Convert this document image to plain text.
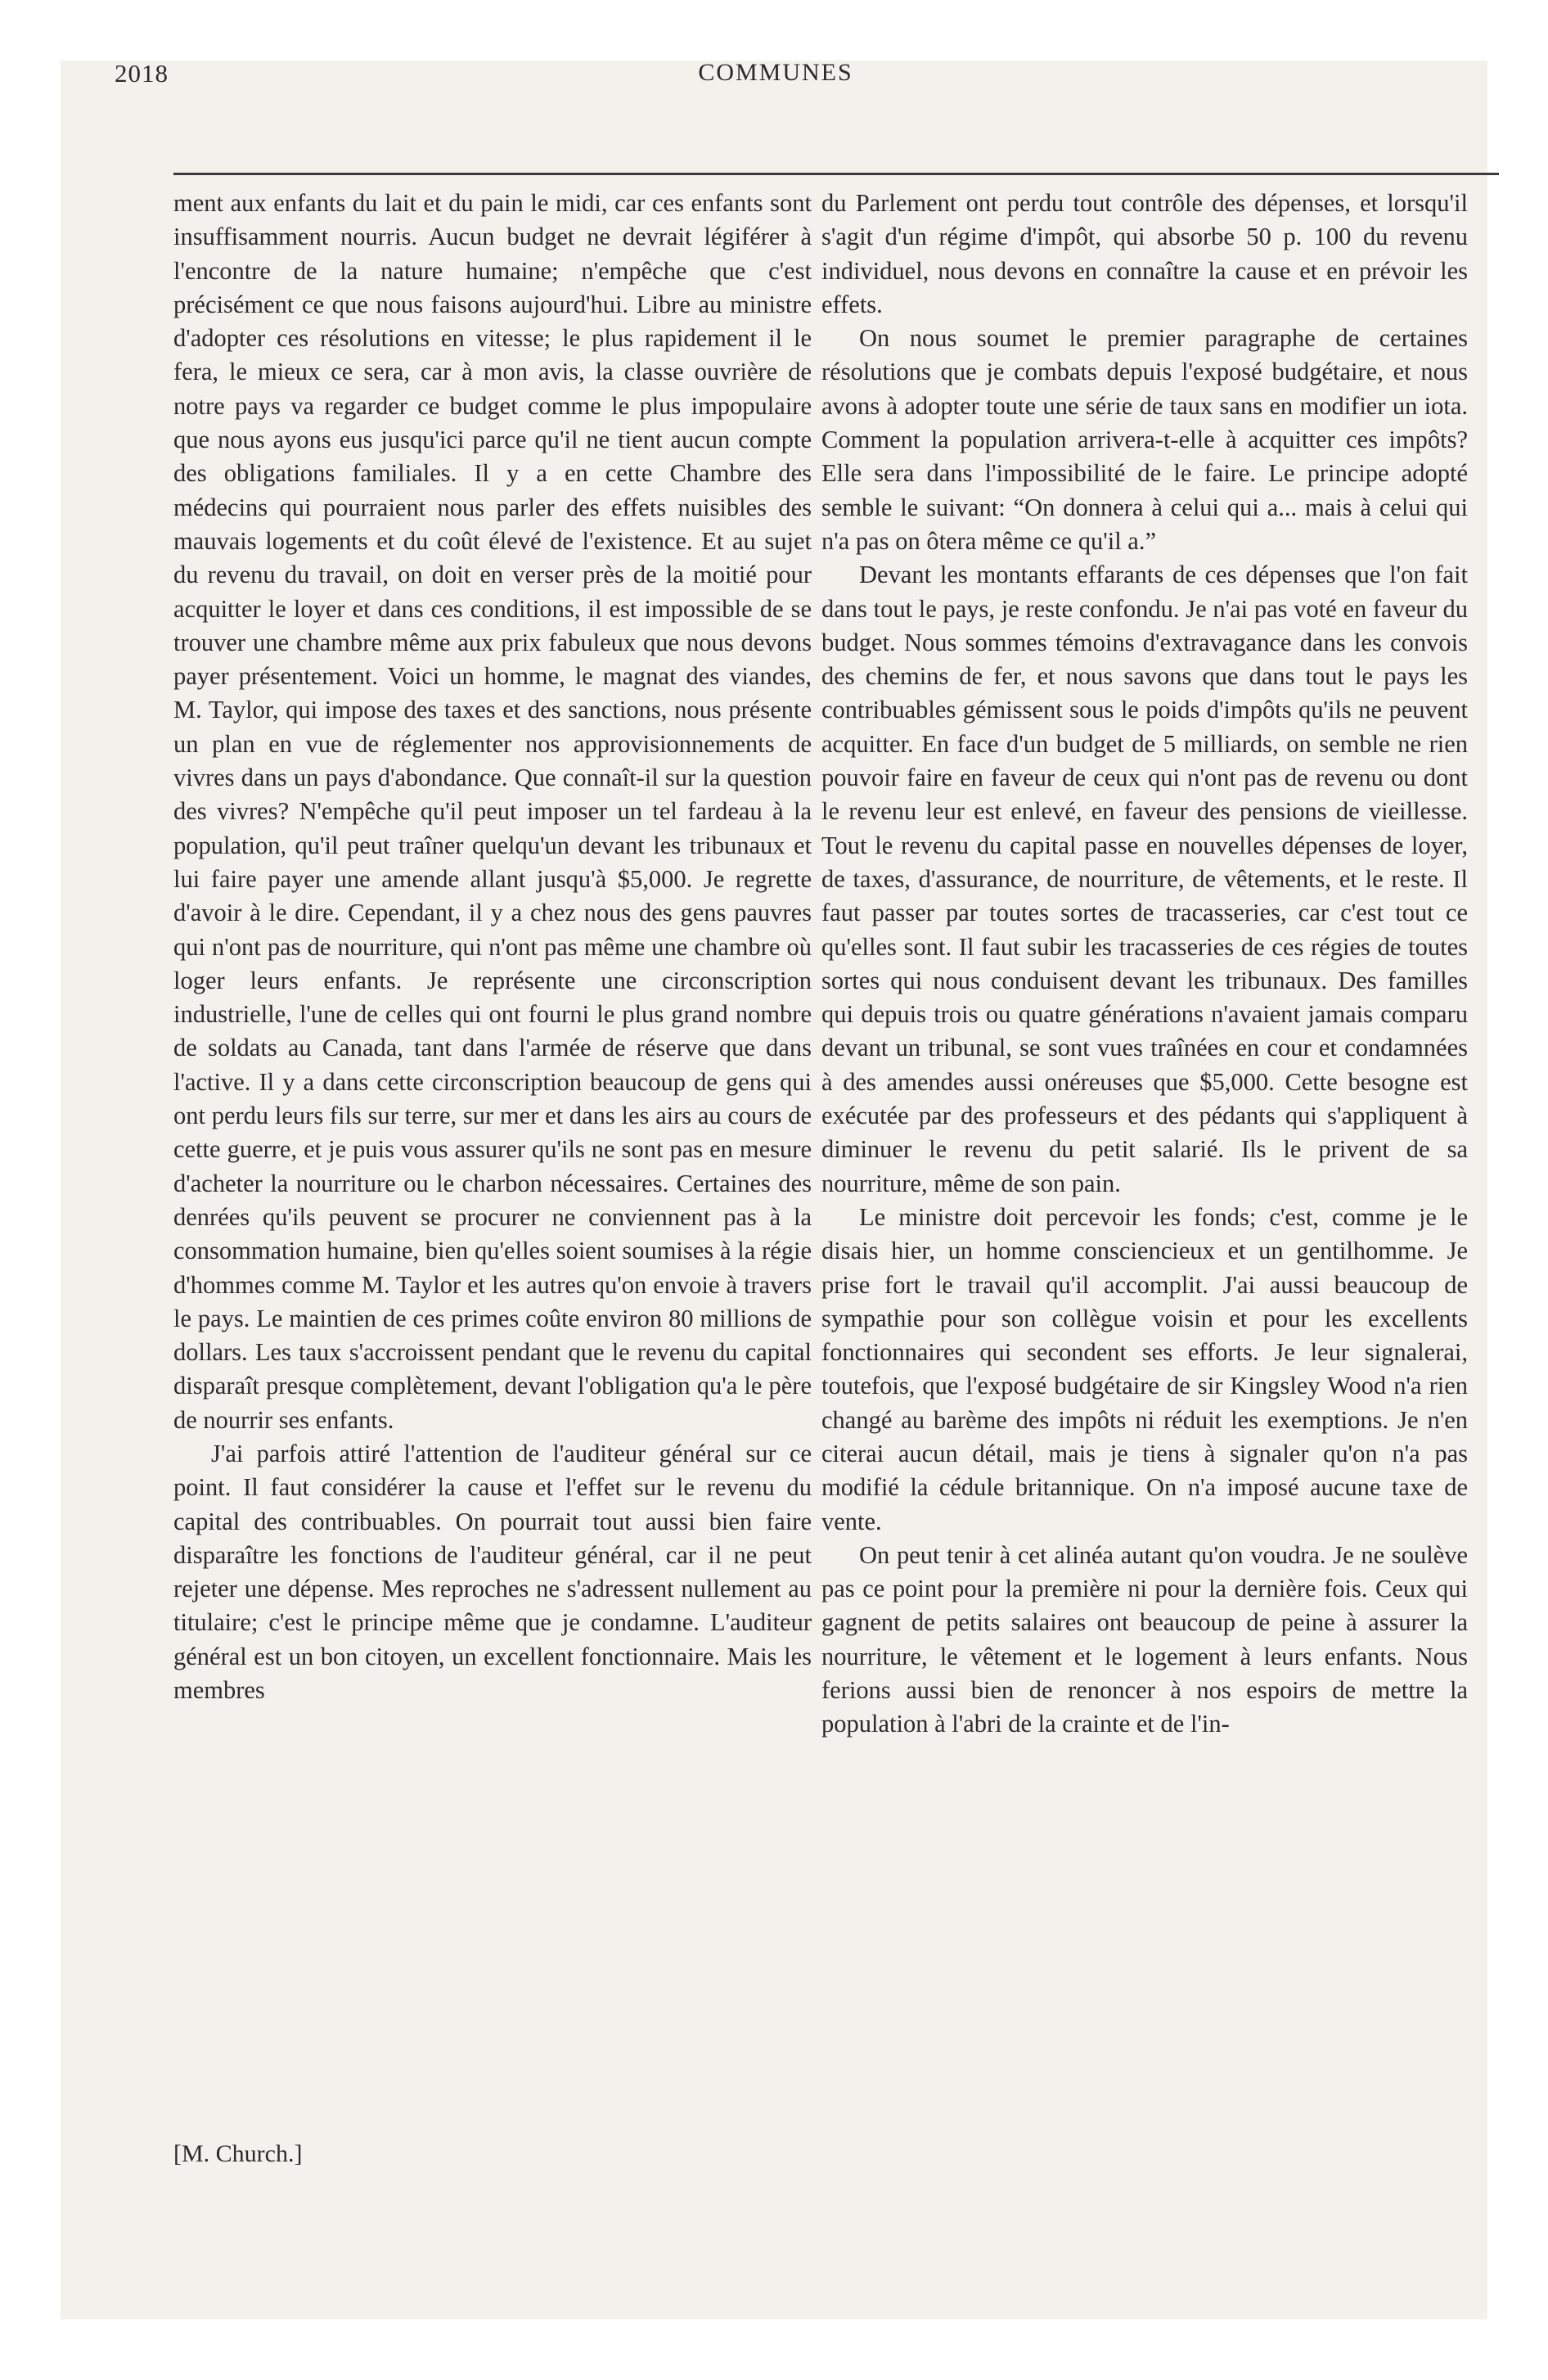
2018	COMMUNES

ment aux enfants du lait et du pain le midi, car ces enfants sont insuffisamment nourris. Aucun budget ne devrait légiférer à l'encontre de la nature humaine; n'empêche que c'est précisément ce que nous faisons aujourd'hui. Libre au ministre d'adopter ces résolutions en vitesse; le plus rapidement il le fera, le mieux ce sera, car à mon avis, la classe ouvrière de notre pays va regarder ce budget comme le plus impopulaire que nous ayons eus jusqu'ici parce qu'il ne tient aucun compte des obligations familiales. Il y a en cette Chambre des médecins qui pourraient nous parler des effets nuisibles des mauvais logements et du coût élevé de l'existence. Et au sujet du revenu du travail, on doit en verser près de la moitié pour acquitter le loyer et dans ces conditions, il est impossible de se trouver une chambre même aux prix fabuleux que nous devons payer présentement. Voici un homme, le magnat des viandes, M. Taylor, qui impose des taxes et des sanctions, nous présente un plan en vue de réglementer nos approvisionnements de vivres dans un pays d'abondance. Que connaît-il sur la question des vivres? N'empêche qu'il peut imposer un tel fardeau à la population, qu'il peut traîner quelqu'un devant les tribunaux et lui faire payer une amende allant jusqu'à $5,000. Je regrette d'avoir à le dire. Cependant, il y a chez nous des gens pauvres qui n'ont pas de nourriture, qui n'ont pas même une chambre où loger leurs enfants. Je représente une circonscription industrielle, l'une de celles qui ont fourni le plus grand nombre de soldats au Canada, tant dans l'armée de réserve que dans l'active. Il y a dans cette circonscription beaucoup de gens qui ont perdu leurs fils sur terre, sur mer et dans les airs au cours de cette guerre, et je puis vous assurer qu'ils ne sont pas en mesure d'acheter la nourriture ou le charbon nécessaires. Certaines des denrées qu'ils peuvent se procurer ne conviennent pas à la consommation humaine, bien qu'elles soient soumises à la régie d'hommes comme M. Taylor et les autres qu'on envoie à travers le pays. Le maintien de ces primes coûte environ 80 millions de dollars. Les taux s'accroissent pendant que le revenu du capital disparaît presque complètement, devant l'obligation qu'a le père de nourrir ses enfants.

J'ai parfois attiré l'attention de l'auditeur général sur ce point. Il faut considérer la cause et l'effet sur le revenu du capital des contribuables. On pourrait tout aussi bien faire disparaître les fonctions de l'auditeur général, car il ne peut rejeter une dépense. Mes reproches ne s'adressent nullement au titulaire; c'est le principe même que je condamne. L'auditeur général est un bon citoyen, un excellent fonctionnaire. Mais les membres

[M. Church.]

du Parlement ont perdu tout contrôle des dépenses, et lorsqu'il s'agit d'un régime d'impôt, qui absorbe 50 p. 100 du revenu individuel, nous devons en connaître la cause et en prévoir les effets.

On nous soumet le premier paragraphe de certaines résolutions que je combats depuis l'exposé budgétaire, et nous avons à adopter toute une série de taux sans en modifier un iota. Comment la population arrivera-t-elle à acquitter ces impôts? Elle sera dans l'impossibilité de le faire. Le principe adopté semble le suivant: “On donnera à celui qui a... mais à celui qui n'a pas on ôtera même ce qu'il a.”

Devant les montants effarants de ces dépenses que l'on fait dans tout le pays, je reste confondu. Je n'ai pas voté en faveur du budget. Nous sommes témoins d'extravagance dans les convois des chemins de fer, et nous savons que dans tout le pays les contribuables gémissent sous le poids d'impôts qu'ils ne peuvent acquitter. En face d'un budget de 5 milliards, on semble ne rien pouvoir faire en faveur de ceux qui n'ont pas de revenu ou dont le revenu leur est enlevé, en faveur des pensions de vieillesse. Tout le revenu du capital passe en nouvelles dépenses de loyer, de taxes, d'assurance, de nourriture, de vêtements, et le reste. Il faut passer par toutes sortes de tracasseries, car c'est tout ce qu'elles sont. Il faut subir les tracasseries de ces régies de toutes sortes qui nous conduisent devant les tribunaux. Des familles qui depuis trois ou quatre générations n'avaient jamais comparu devant un tribunal, se sont vues traînées en cour et condamnées à des amendes aussi onéreuses que $5,000. Cette besogne est exécutée par des professeurs et des pédants qui s'appliquent à diminuer le revenu du petit salarié. Ils le privent de sa nourriture, même de son pain.

Le ministre doit percevoir les fonds; c'est, comme je le disais hier, un homme consciencieux et un gentilhomme. Je prise fort le travail qu'il accomplit. J'ai aussi beaucoup de sympathie pour son collègue voisin et pour les excellents fonctionnaires qui secondent ses efforts. Je leur signalerai, toutefois, que l'exposé budgétaire de sir Kingsley Wood n'a rien changé au barème des impôts ni réduit les exemptions. Je n'en citerai aucun détail, mais je tiens à signaler qu'on n'a pas modifié la cédule britannique. On n'a imposé aucune taxe de vente.

On peut tenir à cet alinéa autant qu'on voudra. Je ne soulève pas ce point pour la première ni pour la dernière fois. Ceux qui gagnent de petits salaires ont beaucoup de peine à assurer la nourriture, le vêtement et le logement à leurs enfants. Nous ferions aussi bien de renoncer à nos espoirs de mettre la population à l'abri de la crainte et de l'in-
